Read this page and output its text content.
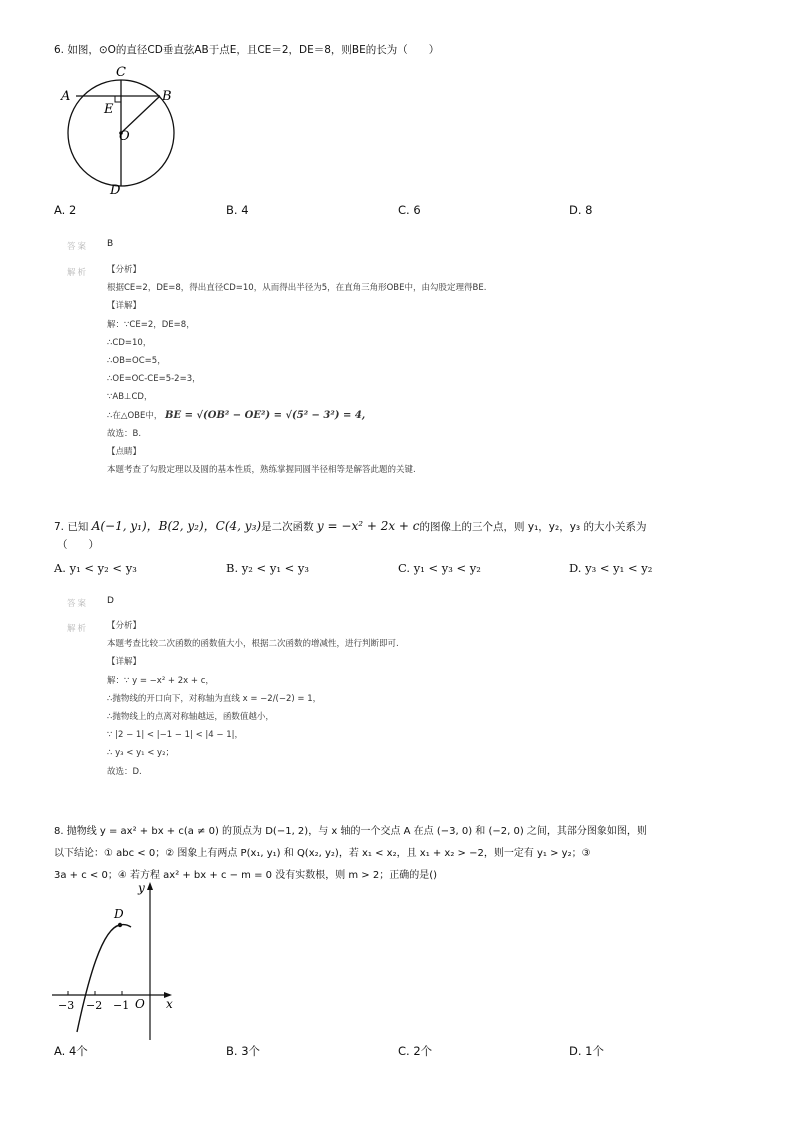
6. 如图，⊙O的直径CD垂直弦AB于点E，且CE＝2，DE＝8，则BE的长为（　　）
C
A	B
E
O
D
A. 2	B. 4	C. 6	D. 8
答案 B
解析 【分析】
根据CE=2，DE=8，得出直径CD=10，从而得出半径为5，在直角三角形OBE中，由勾股定理得BE.
【详解】
解：∵CE=2，DE=8，
∴CD=10，
∴OB=OC=5，
∴OE=OC-CE=5-2=3，
∵AB⊥CD，
∴在△OBE中， BE = √(OB² − OE²) = √(5² − 3²) = 4,
故选：B.
【点睛】
本题考查了勾股定理以及圆的基本性质，熟练掌握同圆半径相等是解答此题的关键.
7. 已知 A(−1, y₁)，B(2, y₂)，C(4, y₃)是二次函数 y = −x² + 2x + c的图像上的三个点，则 y₁，y₂，y₃ 的大小关系为
（　　）
A. y₁ < y₂ < y₃	B. y₂ < y₁ < y₃	C. y₁ < y₃ < y₂	D. y₃ < y₁ < y₂
答案 D
解析 【分析】
本题考查比较二次函数的函数值大小，根据二次函数的增减性，进行判断即可.
【详解】
解：∵ y = −x² + 2x + c，
∴抛物线的开口向下，对称轴为直线 x = −2/(−2) = 1，
∴抛物线上的点离对称轴越远，函数值越小，
∵ |2 − 1| < |−1 − 1| < |4 − 1|，
∴ y₃ < y₁ < y₂；
故选：D.
8. 抛物线 y = ax² + bx + c(a ≠ 0) 的顶点为 D(−1, 2)，与 x 轴的一个交点 A 在点 (−3, 0) 和 (−2, 0) 之间，其部分图象如图，则
以下结论：① abc < 0；② 图象上有两点 P(x₁, y₁) 和 Q(x₂, y₂)，若 x₁ < x₂，且 x₁ + x₂ > −2，则一定有 y₁ > y₂；③
3a + c < 0；④ 若方程 ax² + bx + c − m = 0 没有实数根，则 m > 2；正确的是()
y
x
D
O
−3 −2 −1
A. 4个	B. 3个	C. 2个	D. 1个
